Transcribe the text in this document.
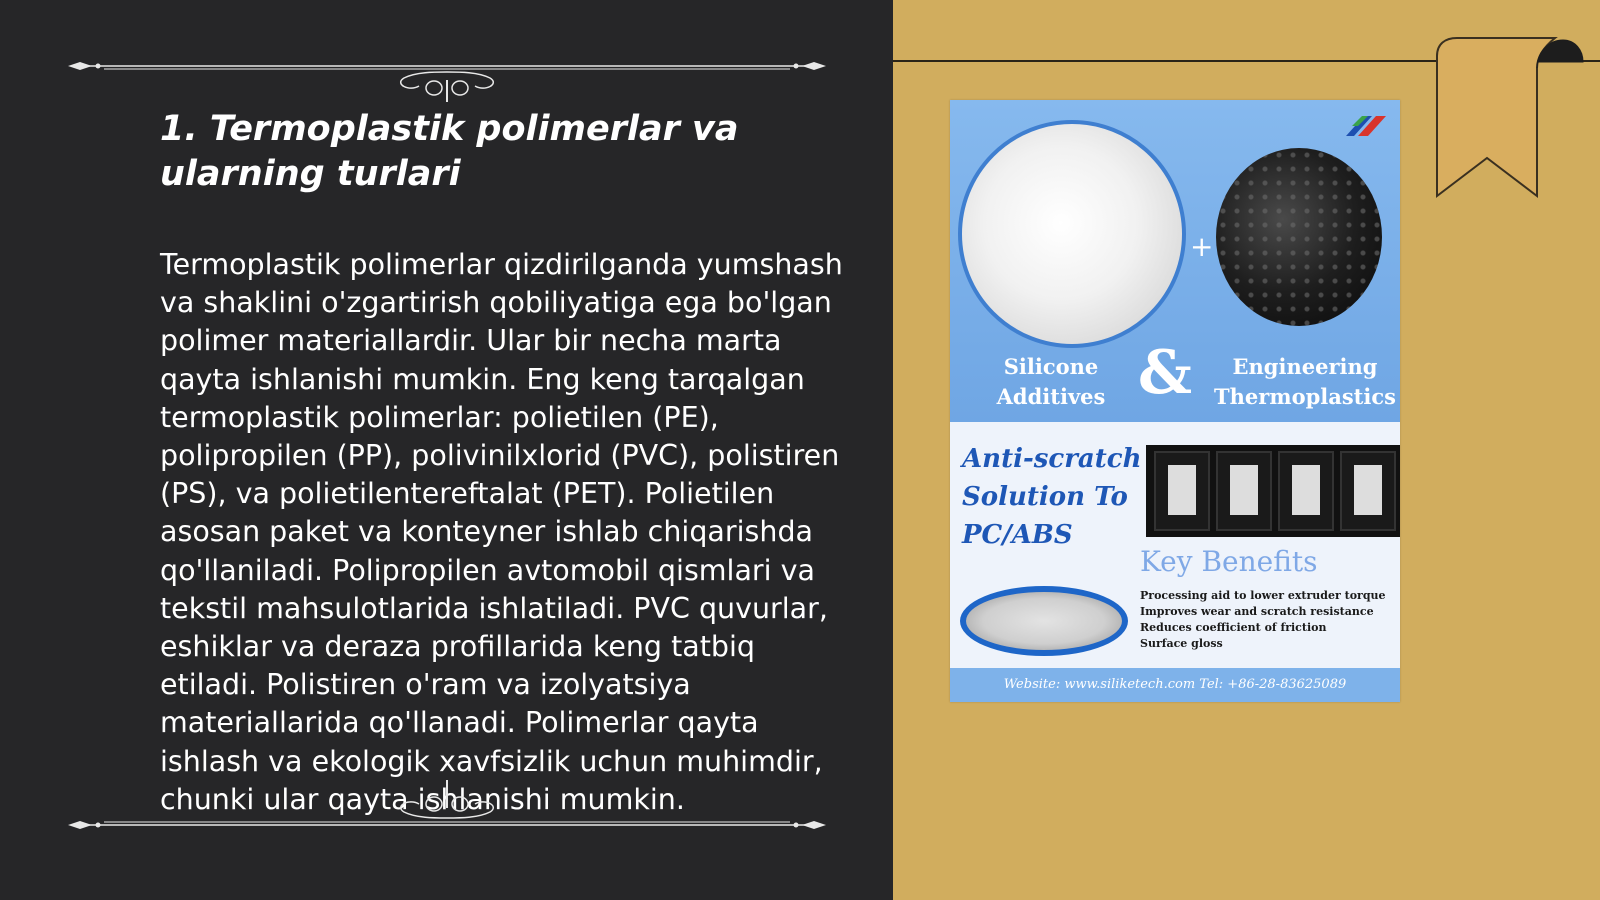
1. Termoplastik polimerlar va ularning turlari

Termoplastik polimerlar qizdirilganda yumshash va shaklini o'zgartirish qobiliyatiga ega bo'lgan polimer materiallardir. Ular bir necha marta qayta ishlanishi mumkin. Eng keng tarqalgan termoplastik polimerlar: polietilen (PE), polipropilen (PP), polivinilxlorid (PVC), polistiren (PS), va polietilentereftalat (PET). Polietilen asosan paket va konteyner ishlab chiqarishda qo'llaniladi. Polipropilen avtomobil qismlari va tekstil mahsulotlarida ishlatiladi. PVC quvurlar, eshiklar va deraza profillarida keng tatbiq etiladi. Polistiren o'ram va izolyatsiya materiallarida qo'llanadi. Polimerlar qayta ishlash va ekologik xavfsizlik uchun muhimdir, chunki ular qayta ishlanishi mumkin.

+
Silicone Additives &	Engineering Thermoplastics
Anti-scratch Solution To PC/ABS
Key Benefits
Processing aid to lower extruder torque
Improves wear and scratch resistance
Reduces coefficient of friction
Surface gloss
Website: www.siliketech.com Tel: +86-28-83625089
